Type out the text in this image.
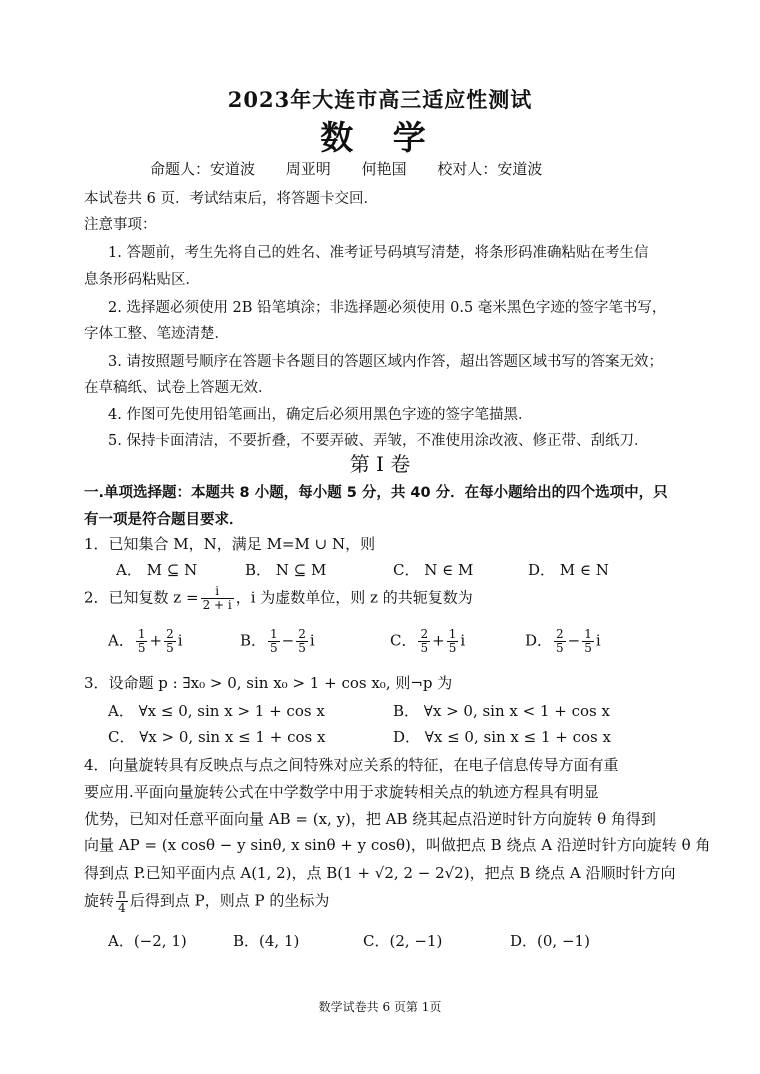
2023年大连市高三适应性测试
数 学
命题人：安道波 周亚明 何艳国 校对人：安道波
本试卷共 6 页．考试结束后，将答题卡交回．
注意事项：
1. 答题前，考生先将自己的姓名、准考证号码填写清楚，将条形码准确粘贴在考生信
息条形码粘贴区．
2. 选择题必须使用 2B 铅笔填涂；非选择题必须使用 0.5 毫米黑色字迹的签字笔书写，
字体工整、笔迹清楚．
3. 请按照题号顺序在答题卡各题目的答题区域内作答，超出答题区域书写的答案无效；
在草稿纸、试卷上答题无效．
4. 作图可先使用铅笔画出，确定后必须用黑色字迹的签字笔描黑．
5. 保持卡面清洁，不要折叠，不要弄破、弄皱，不准使用涂改液、修正带、刮纸刀．
第 Ⅰ 卷
一.单项选择题：本题共 8 小题，每小题 5 分，共 40 分．在每小题给出的四个选项中，只
有一项是符合题目要求．
1．已知集合 M，N，满足 M=M ∪ N，则
A． M ⊆ N	B． N ⊆ M	C． N ∈ M	D． M ∈ N
2．已知复数 $z = \frac{i}{2 + i}$ ，i 为虚数单位，则 z 的共轭复数为
A． $\frac{1}{5} + \frac{2}{5}$ i	B． $\frac{1}{5} - \frac{2}{5}$ i	C． $\frac{2}{5} + \frac{1}{5}$ i	D． $\frac{2}{5} - \frac{1}{5}$ i
3．设命题 p : ∃x₀ > 0, sin x₀ > 1 + cos x₀, 则¬p 为
A． ∀x ≤ 0, sin x > 1 + cos x	B． ∀x > 0, sin x < 1 + cos x
C． ∀x > 0, sin x ≤ 1 + cos x	D． ∀x ≤ 0, sin x ≤ 1 + cos x
4．向量旋转具有反映点与点之间特殊对应关系的特征，在电子信息传导方面有重
要应用.平面向量旋转公式在中学数学中用于求旋转相关点的轨迹方程具有明显
优势，已知对任意平面向量 AB = (x, y)，把 AB 绕其起点沿逆时针方向旋转 θ 角得到
向量 AP = (x cosθ − y sinθ, x sinθ + y cosθ)，叫做把点 B 绕点 A 沿逆时针方向旋转 θ 角
得到点 P.已知平面内点 A(1, 2)，点 B(1 + √2, 2 − 2√2)，把点 B 绕点 A 沿顺时针方向
旋转 $\frac{\pi}{4}$ 后得到点 P，则点 P 的坐标为
A．(−2, 1)	B．(4, 1)	C．(2, −1)	D．(0, −1)
数学试卷共 6 页第 1页
